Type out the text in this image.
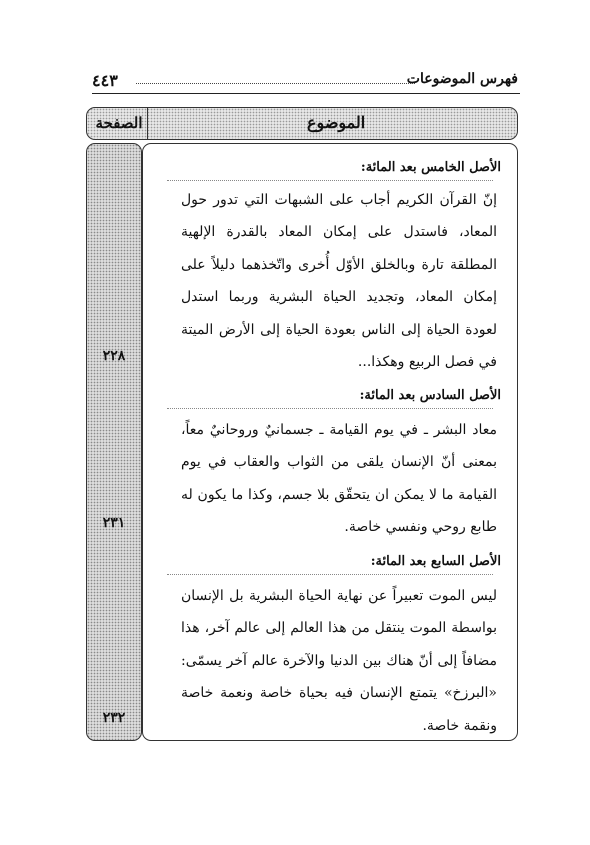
فهرس الموضوعات
٤٤٣
الصفحة	الموضوع
٢٢٨
٢٣١
٢٣٢
الأصل الخامس بعد المائة:

إنّ القرآن الكريم أجاب على الشبهات التي تدور حول المعاد، فاستدل على إمكان المعاد بالقدرة الإلهية المطلقة تارة وبالخلق الأوّل أُخرى واتّخذهما دليلاً على إمكان المعاد، وتجديد الحياة البشرية وربما استدل لعودة الحياة إلى الناس بعودة الحياة إلى الأرض الميتة في فصل الربيع وهكذا...

الأصل السادس بعد المائة:

معاد البشر ـ في يوم القيامة ـ جسمانيٌ وروحانيٌ معاً، بمعنى أنّ الإنسان يلقى من الثواب والعقاب في يوم القيامة ما لا يمكن ان يتحقّق بلا جسم، وكذا ما يكون له طابع روحي ونفسي خاصة.

الأصل السابع بعد المائة:

ليس الموت تعبيراً عن نهاية الحياة البشرية بل الإنسان بواسطة الموت ينتقل من هذا العالم إلى عالم آخر، هذا مضافاً إلى أنّ هناك بين الدنيا والآخرة عالم آخر يسمّى: «البرزخ» يتمتع الإنسان فيه بحياة خاصة ونعمة خاصة ونقمة خاصة.
